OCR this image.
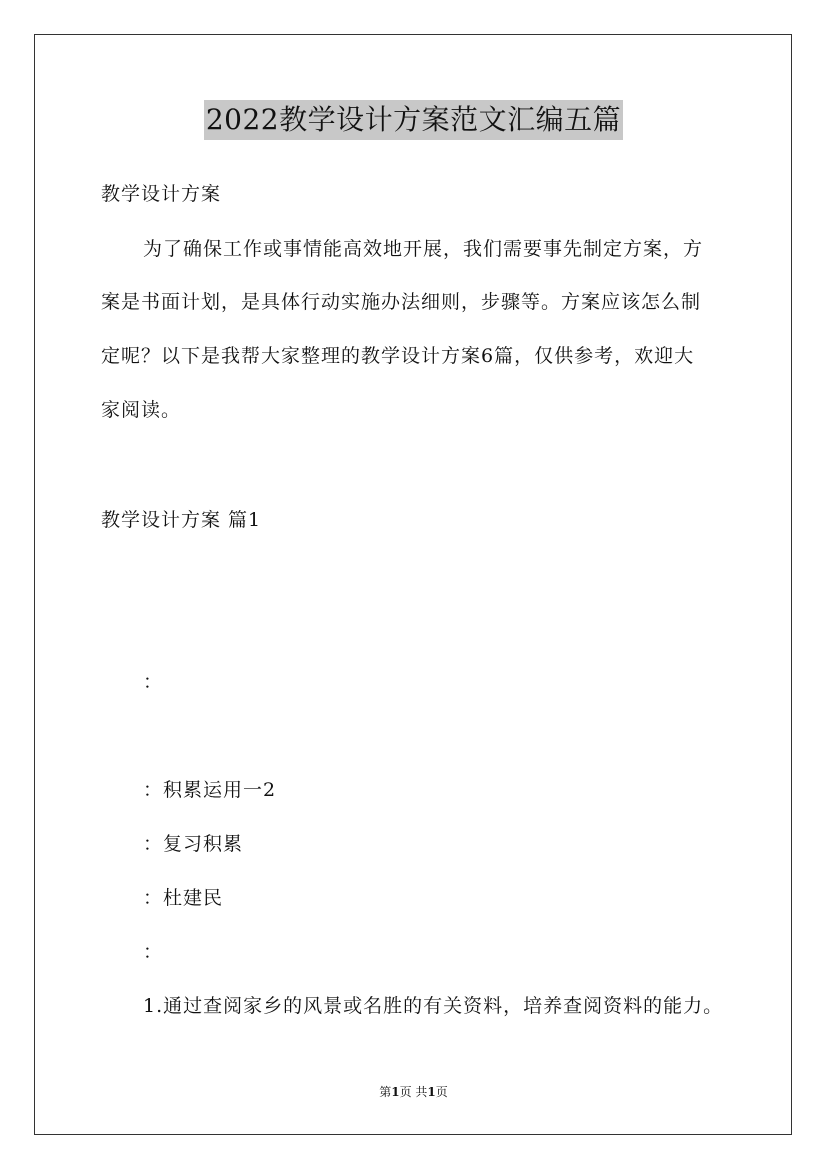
2022教学设计方案范文汇编五篇
教学设计方案
为了确保工作或事情能高效地开展，我们需要事先制定方案，方
案是书面计划，是具体行动实施办法细则，步骤等。方案应该怎么制
定呢？以下是我帮大家整理的教学设计方案6篇，仅供参考，欢迎大
家阅读。
教学设计方案 篇1
：
：积累运用一2
：复习积累
：杜建民
：
1.通过查阅家乡的风景或名胜的有关资料，培养查阅资料的能力。
第1页 共1页
